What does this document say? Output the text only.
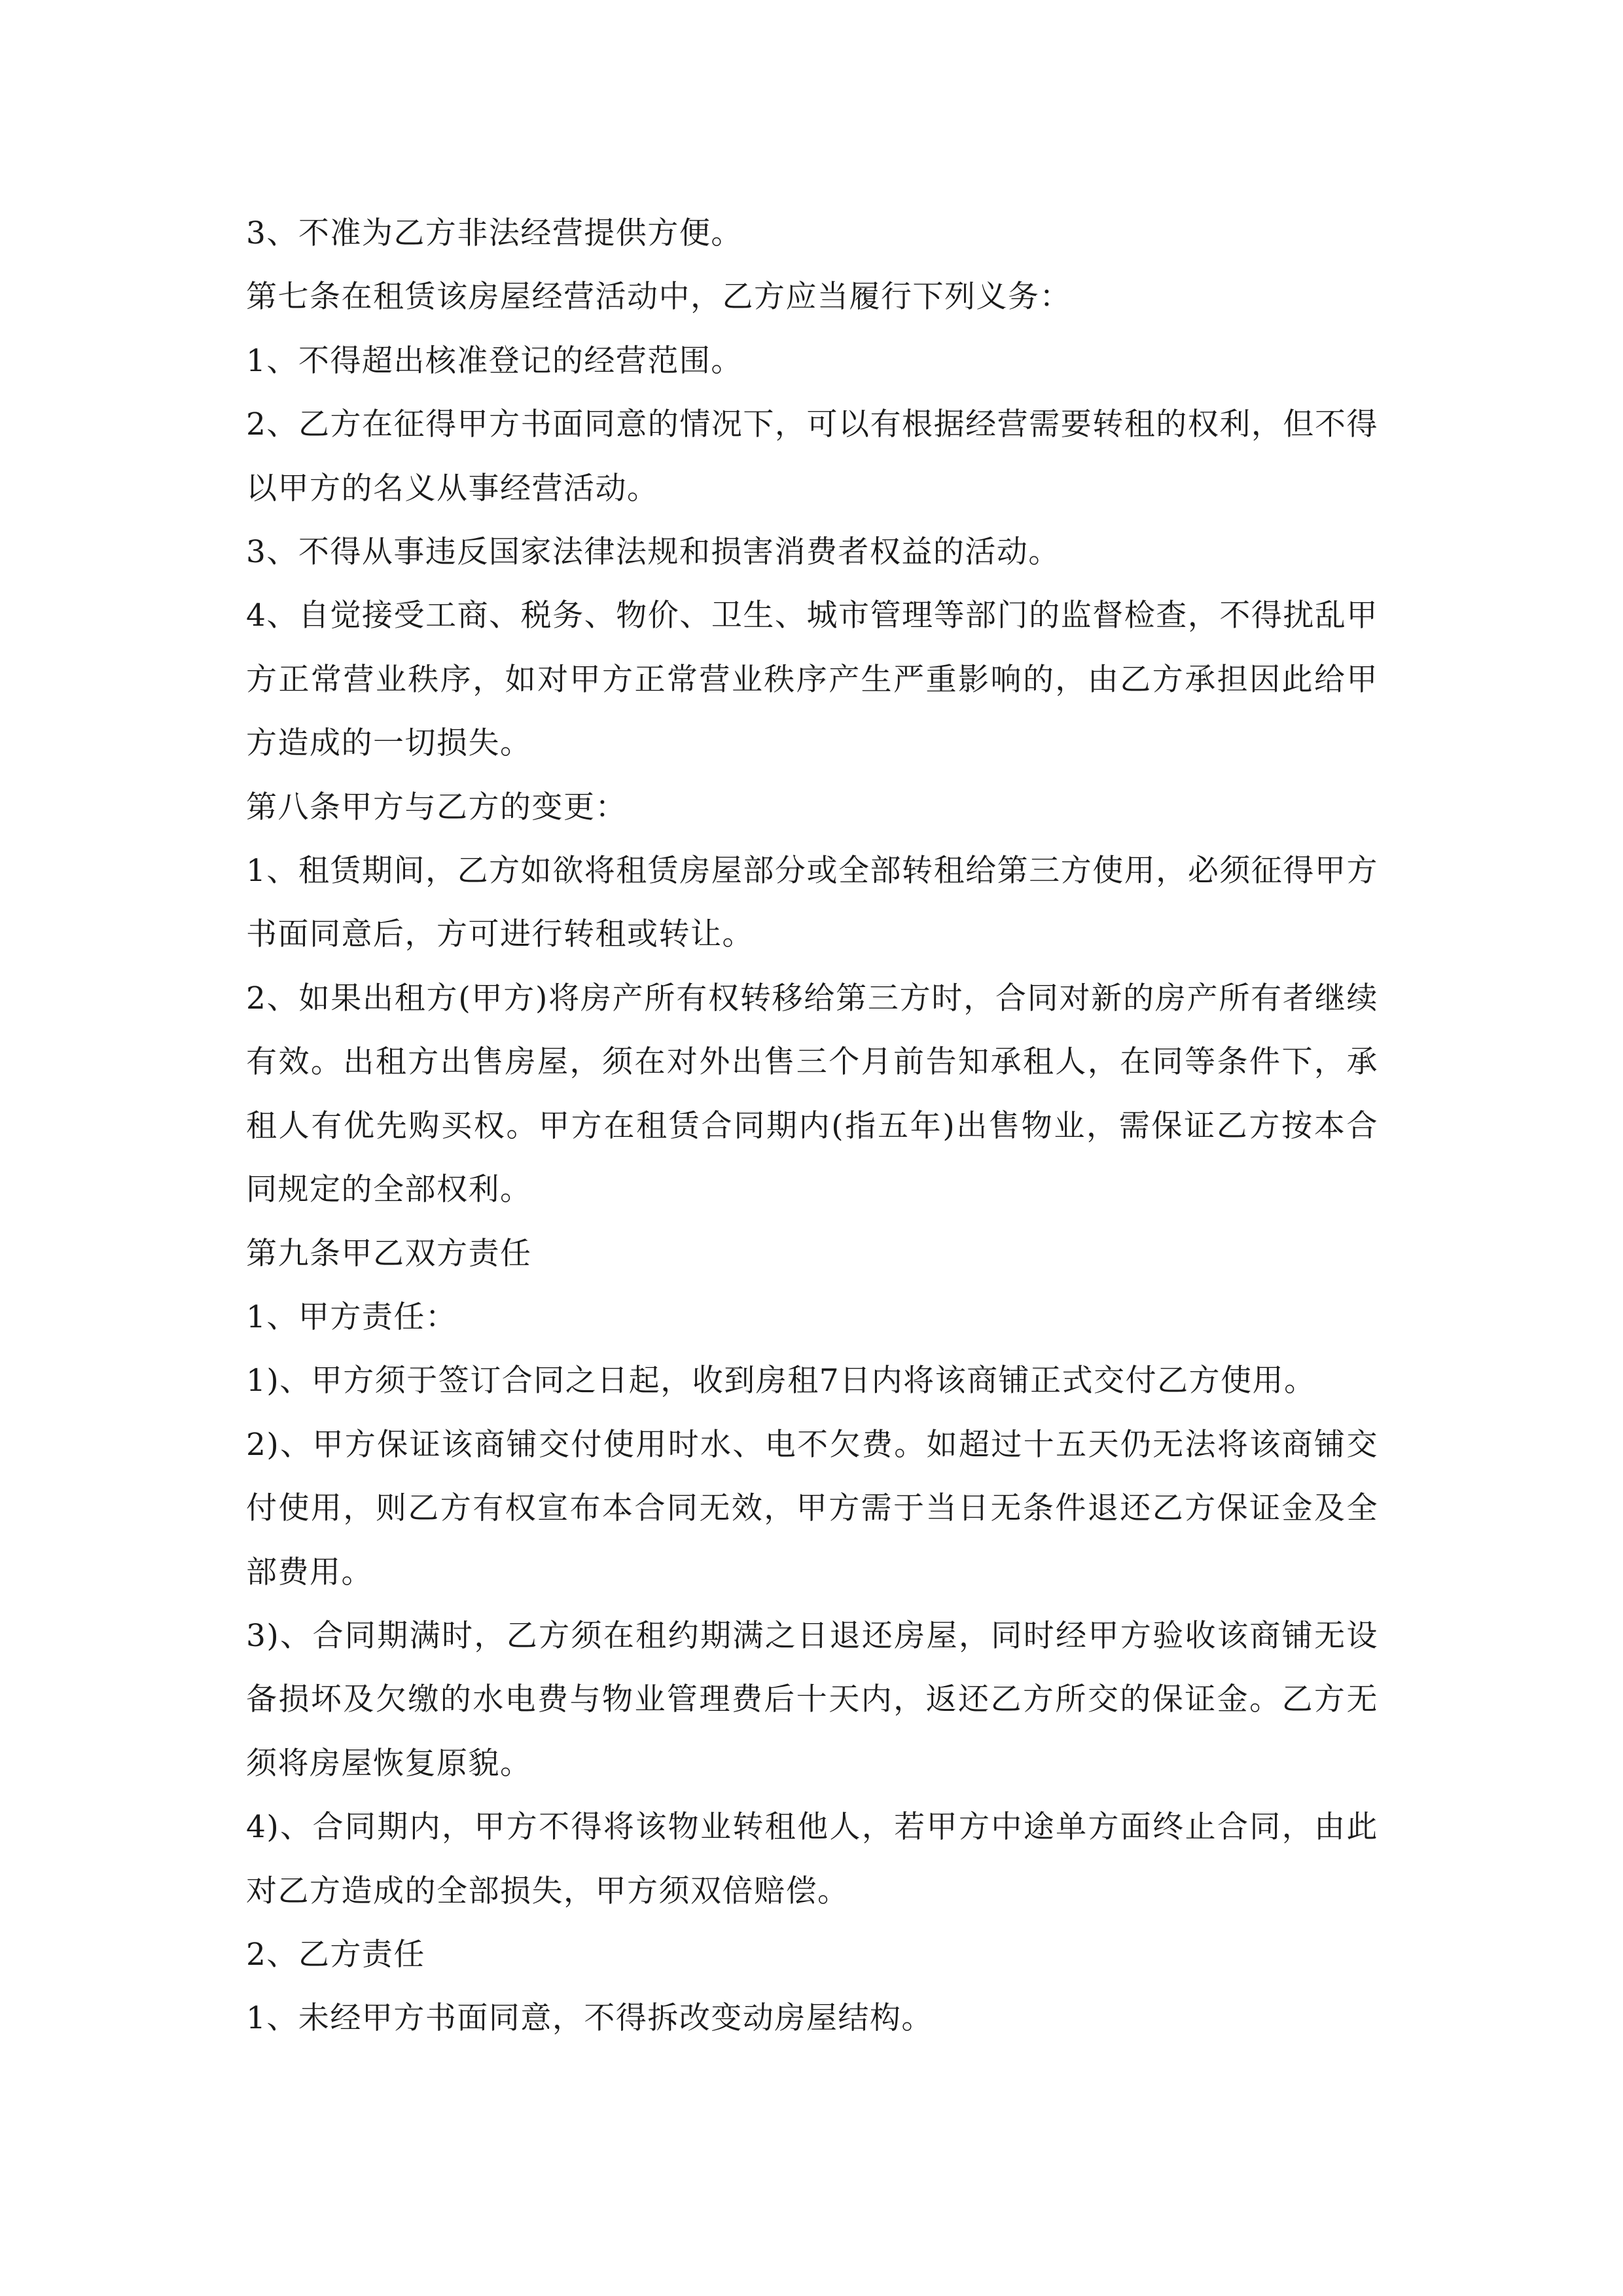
3、不准为乙方非法经营提供方便。

第七条在租赁该房屋经营活动中，乙方应当履行下列义务：

1、不得超出核准登记的经营范围。

2、乙方在征得甲方书面同意的情况下，可以有根据经营需要转租的权利，但不得以甲方的名义从事经营活动。

3、不得从事违反国家法律法规和损害消费者权益的活动。

4、自觉接受工商、税务、物价、卫生、城市管理等部门的监督检查，不得扰乱甲方正常营业秩序，如对甲方正常营业秩序产生严重影响的，由乙方承担因此给甲方造成的一切损失。

第八条甲方与乙方的变更：

1、租赁期间，乙方如欲将租赁房屋部分或全部转租给第三方使用，必须征得甲方书面同意后，方可进行转租或转让。

2、如果出租方(甲方)将房产所有权转移给第三方时，合同对新的房产所有者继续有效。出租方出售房屋，须在对外出售三个月前告知承租人，在同等条件下，承租人有优先购买权。甲方在租赁合同期内(指五年)出售物业，需保证乙方按本合同规定的全部权利。

第九条甲乙双方责任

1、甲方责任：

1)、甲方须于签订合同之日起，收到房租7日内将该商铺正式交付乙方使用。

2)、甲方保证该商铺交付使用时水、电不欠费。如超过十五天仍无法将该商铺交付使用，则乙方有权宣布本合同无效，甲方需于当日无条件退还乙方保证金及全部费用。

3)、合同期满时，乙方须在租约期满之日退还房屋，同时经甲方验收该商铺无设备损坏及欠缴的水电费与物业管理费后十天内，返还乙方所交的保证金。乙方无须将房屋恢复原貌。

4)、合同期内，甲方不得将该物业转租他人，若甲方中途单方面终止合同，由此对乙方造成的全部损失，甲方须双倍赔偿。

2、乙方责任

1、未经甲方书面同意，不得拆改变动房屋结构。
